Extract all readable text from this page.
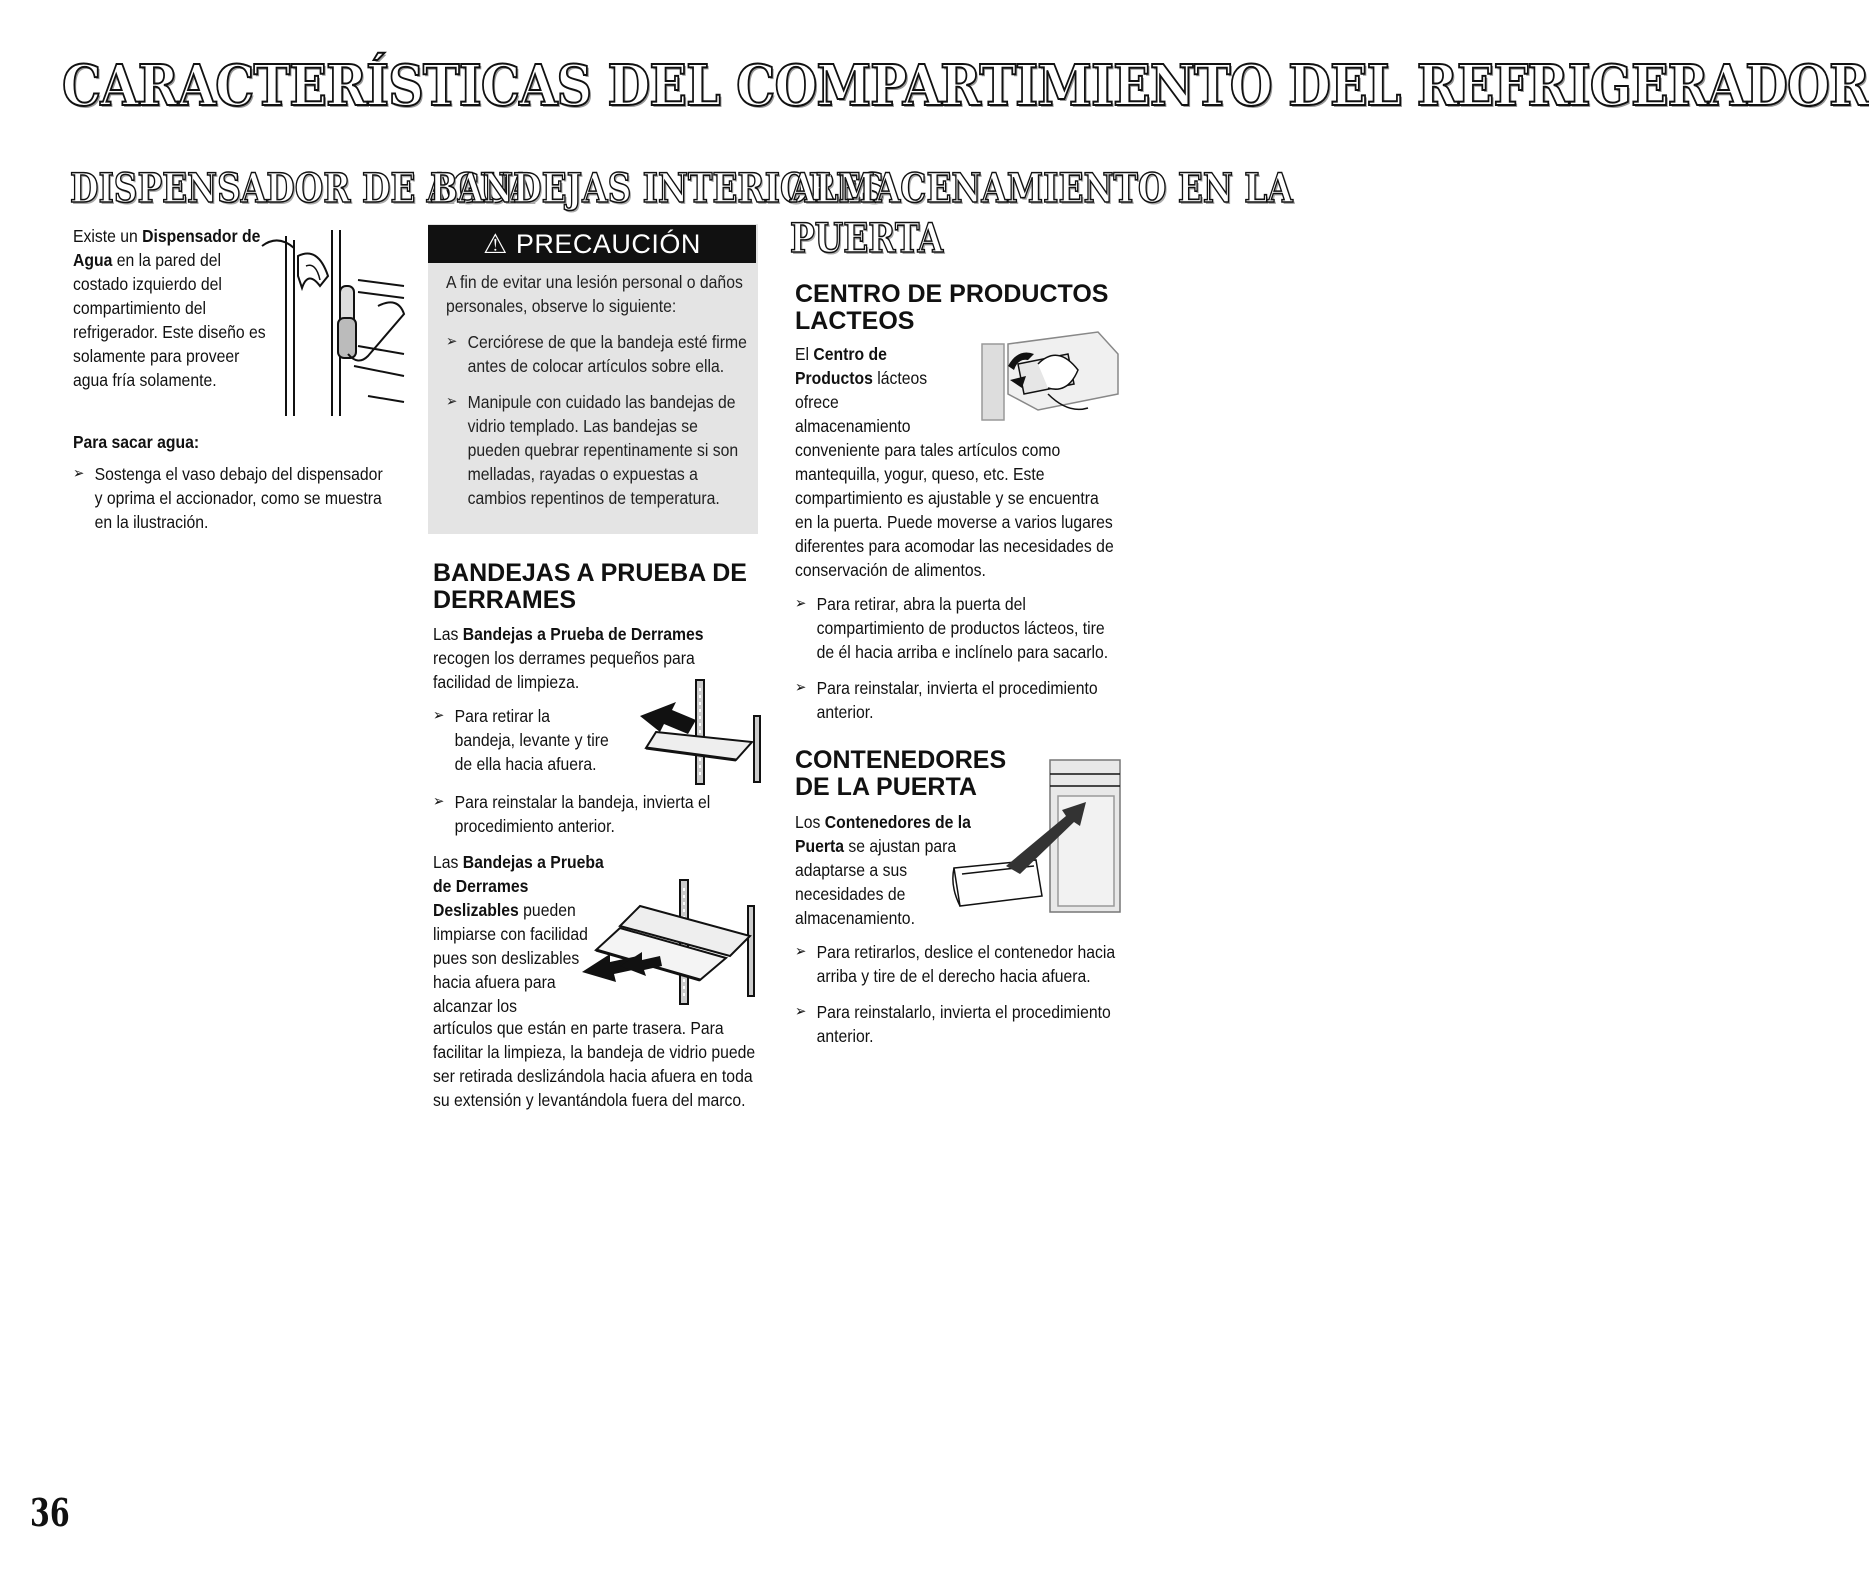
CARACTERÍSTICAS DEL COMPARTIMIENTO DEL REFRIGERADOR
DISPENSADOR DE AGUA
Existe un Dispensador de Agua en la pared del costado izquierdo del compartimiento del refrigerador. Este diseño es solamente para proveer agua fría solamente.
Para sacar agua:
➢ Sostenga el vaso debajo del dispensador y oprima el accionador, como se muestra en la ilustración.
BANDEJAS INTERIORES
⚠ PRECAUCIÓN
A fin de evitar una lesión personal o daños personales, observe lo siguiente:
➢ Cerciórese de que la bandeja esté firme antes de colocar artículos sobre ella.
➢ Manipule con cuidado las bandejas de vidrio templado. Las bandejas se pueden quebrar repentinamente si son melladas, rayadas o expuestas a cambios repentinos de temperatura.
BANDEJAS A PRUEBA DE DERRAMES
Las Bandejas a Prueba de Derrames recogen los derrames pequeños para facilidad de limpieza.
➢ Para retirar la bandeja, levante y tire de ella hacia afuera.
➢ Para reinstalar la bandeja, invierta el procedimiento anterior.
Las Bandejas a Prueba de Derrames Deslizables pueden limpiarse con facilidad pues son deslizables hacia afuera para alcanzar los
artículos que están en parte trasera. Para facilitar la limpieza, la bandeja de vidrio puede ser retirada deslizándola hacia afuera en toda su extensión y levantándola fuera del marco.
ALMACENAMIENTO EN LA
PUERTA
CENTRO DE PRODUCTOS LACTEOS
El Centro de Productos lácteos ofrece almacenamiento
conveniente para tales artículos como mantequilla, yogur, queso, etc. Este compartimiento es ajustable y se encuentra en la puerta. Puede moverse a varios lugares diferentes para acomodar las necesidades de conservación de alimentos.
➢ Para retirar, abra la puerta del compartimiento de productos lácteos, tire de él hacia arriba e inclínelo para sacarlo.
➢ Para reinstalar, invierta el procedimiento anterior.
CONTENEDORES DE LA PUERTA
Los Contenedores de la Puerta se ajustan para adaptarse a sus necesidades de almacenamiento.
➢ Para retirarlos, deslice el contenedor hacia arriba y tire de el derecho hacia afuera.
➢ Para reinstalarlo, invierta el procedimiento anterior.
36
